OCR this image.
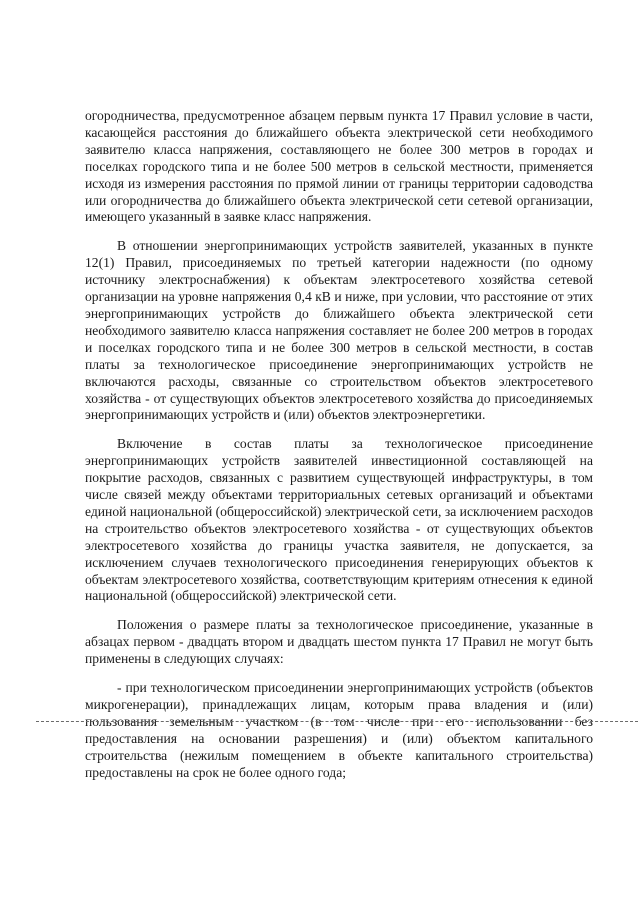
огородничества, предусмотренное абзацем первым пункта 17 Правил условие в части, касающейся расстояния до ближайшего объекта электрической сети необходимого заявителю класса напряжения, составляющего не более 300 метров в городах и поселках городского типа и не более 500 метров в сельской местности, применяется исходя из измерения расстояния по прямой линии от границы территории садоводства или огородничества до ближайшего объекта электрической сети сетевой организации, имеющего указанный в заявке класс напряжения.

В отношении энергопринимающих устройств заявителей, указанных в пункте 12(1) Правил, присоединяемых по третьей категории надежности (по одному источнику электроснабжения) к объектам электросетевого хозяйства сетевой организации на уровне напряжения 0,4 кВ и ниже, при условии, что расстояние от этих энергопринимающих устройств до ближайшего объекта электрической сети необходимого заявителю класса напряжения составляет не более 200 метров в городах и поселках городского типа и не более 300 метров в сельской местности, в состав платы за технологическое присоединение энергопринимающих устройств не включаются расходы, связанные со строительством объектов электросетевого хозяйства - от существующих объектов электросетевого хозяйства до присоединяемых энергопринимающих устройств и (или) объектов электроэнергетики.

Включение в состав платы за технологическое присоединение энергопринимающих устройств заявителей инвестиционной составляющей на покрытие расходов, связанных с развитием существующей инфраструктуры, в том числе связей между объектами территориальных сетевых организаций и объектами единой национальной (общероссийской) электрической сети, за исключением расходов на строительство объектов электросетевого хозяйства - от существующих объектов электросетевого хозяйства до границы участка заявителя, не допускается, за исключением случаев технологического присоединения генерирующих объектов к объектам электросетевого хозяйства, соответствующим критериям отнесения к единой национальной (общероссийской) электрической сети.

Положения о размере платы за технологическое присоединение, указанные в абзацах первом - двадцать втором и двадцать шестом пункта 17 Правил не могут быть применены в следующих случаях:

- при технологическом присоединении энергопринимающих устройств (объектов микрогенерации), принадлежащих лицам, которым права владения и (или) пользования земельным участком (в том числе при его использовании без предоставления на основании разрешения) и (или) объектом капитального строительства (нежилым помещением в объекте капитального строительства) предоставлены на срок не более одного года;
